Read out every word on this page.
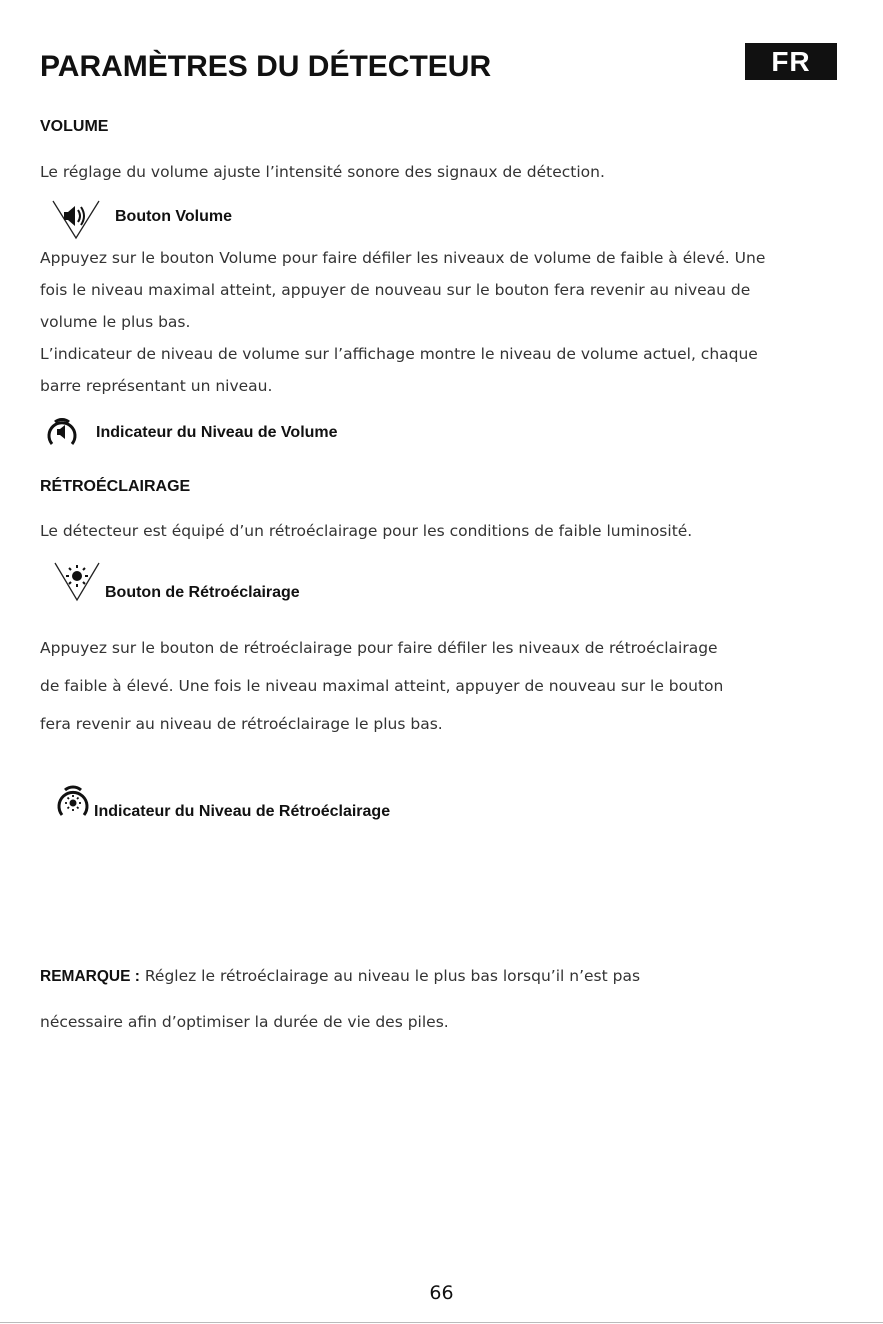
PARAMÈTRES DU DÉTECTEUR	FR
VOLUME
Le réglage du volume ajuste l’intensité sonore des signaux de détection.
Bouton Volume
Appuyez sur le bouton Volume pour faire défiler les niveaux de volume de faible à élevé. Une
fois le niveau maximal atteint, appuyer de nouveau sur le bouton fera revenir au niveau de
volume le plus bas.
L’indicateur de niveau de volume sur l’affichage montre le niveau de volume actuel, chaque
barre représentant un niveau.
Indicateur du Niveau de Volume
RÉTROÉCLAIRAGE
Le détecteur est équipé d’un rétroéclairage pour les conditions de faible luminosité.
Bouton de Rétroéclairage
Appuyez sur le bouton de rétroéclairage pour faire défiler les niveaux de rétroéclairage
de faible à élevé. Une fois le niveau maximal atteint, appuyer de nouveau sur le bouton
fera revenir au niveau de rétroéclairage le plus bas.
Indicateur du Niveau de Rétroéclairage
REMARQUE : Réglez le rétroéclairage au niveau le plus bas lorsqu’il n’est pas
nécessaire afin d’optimiser la durée de vie des piles.
66
